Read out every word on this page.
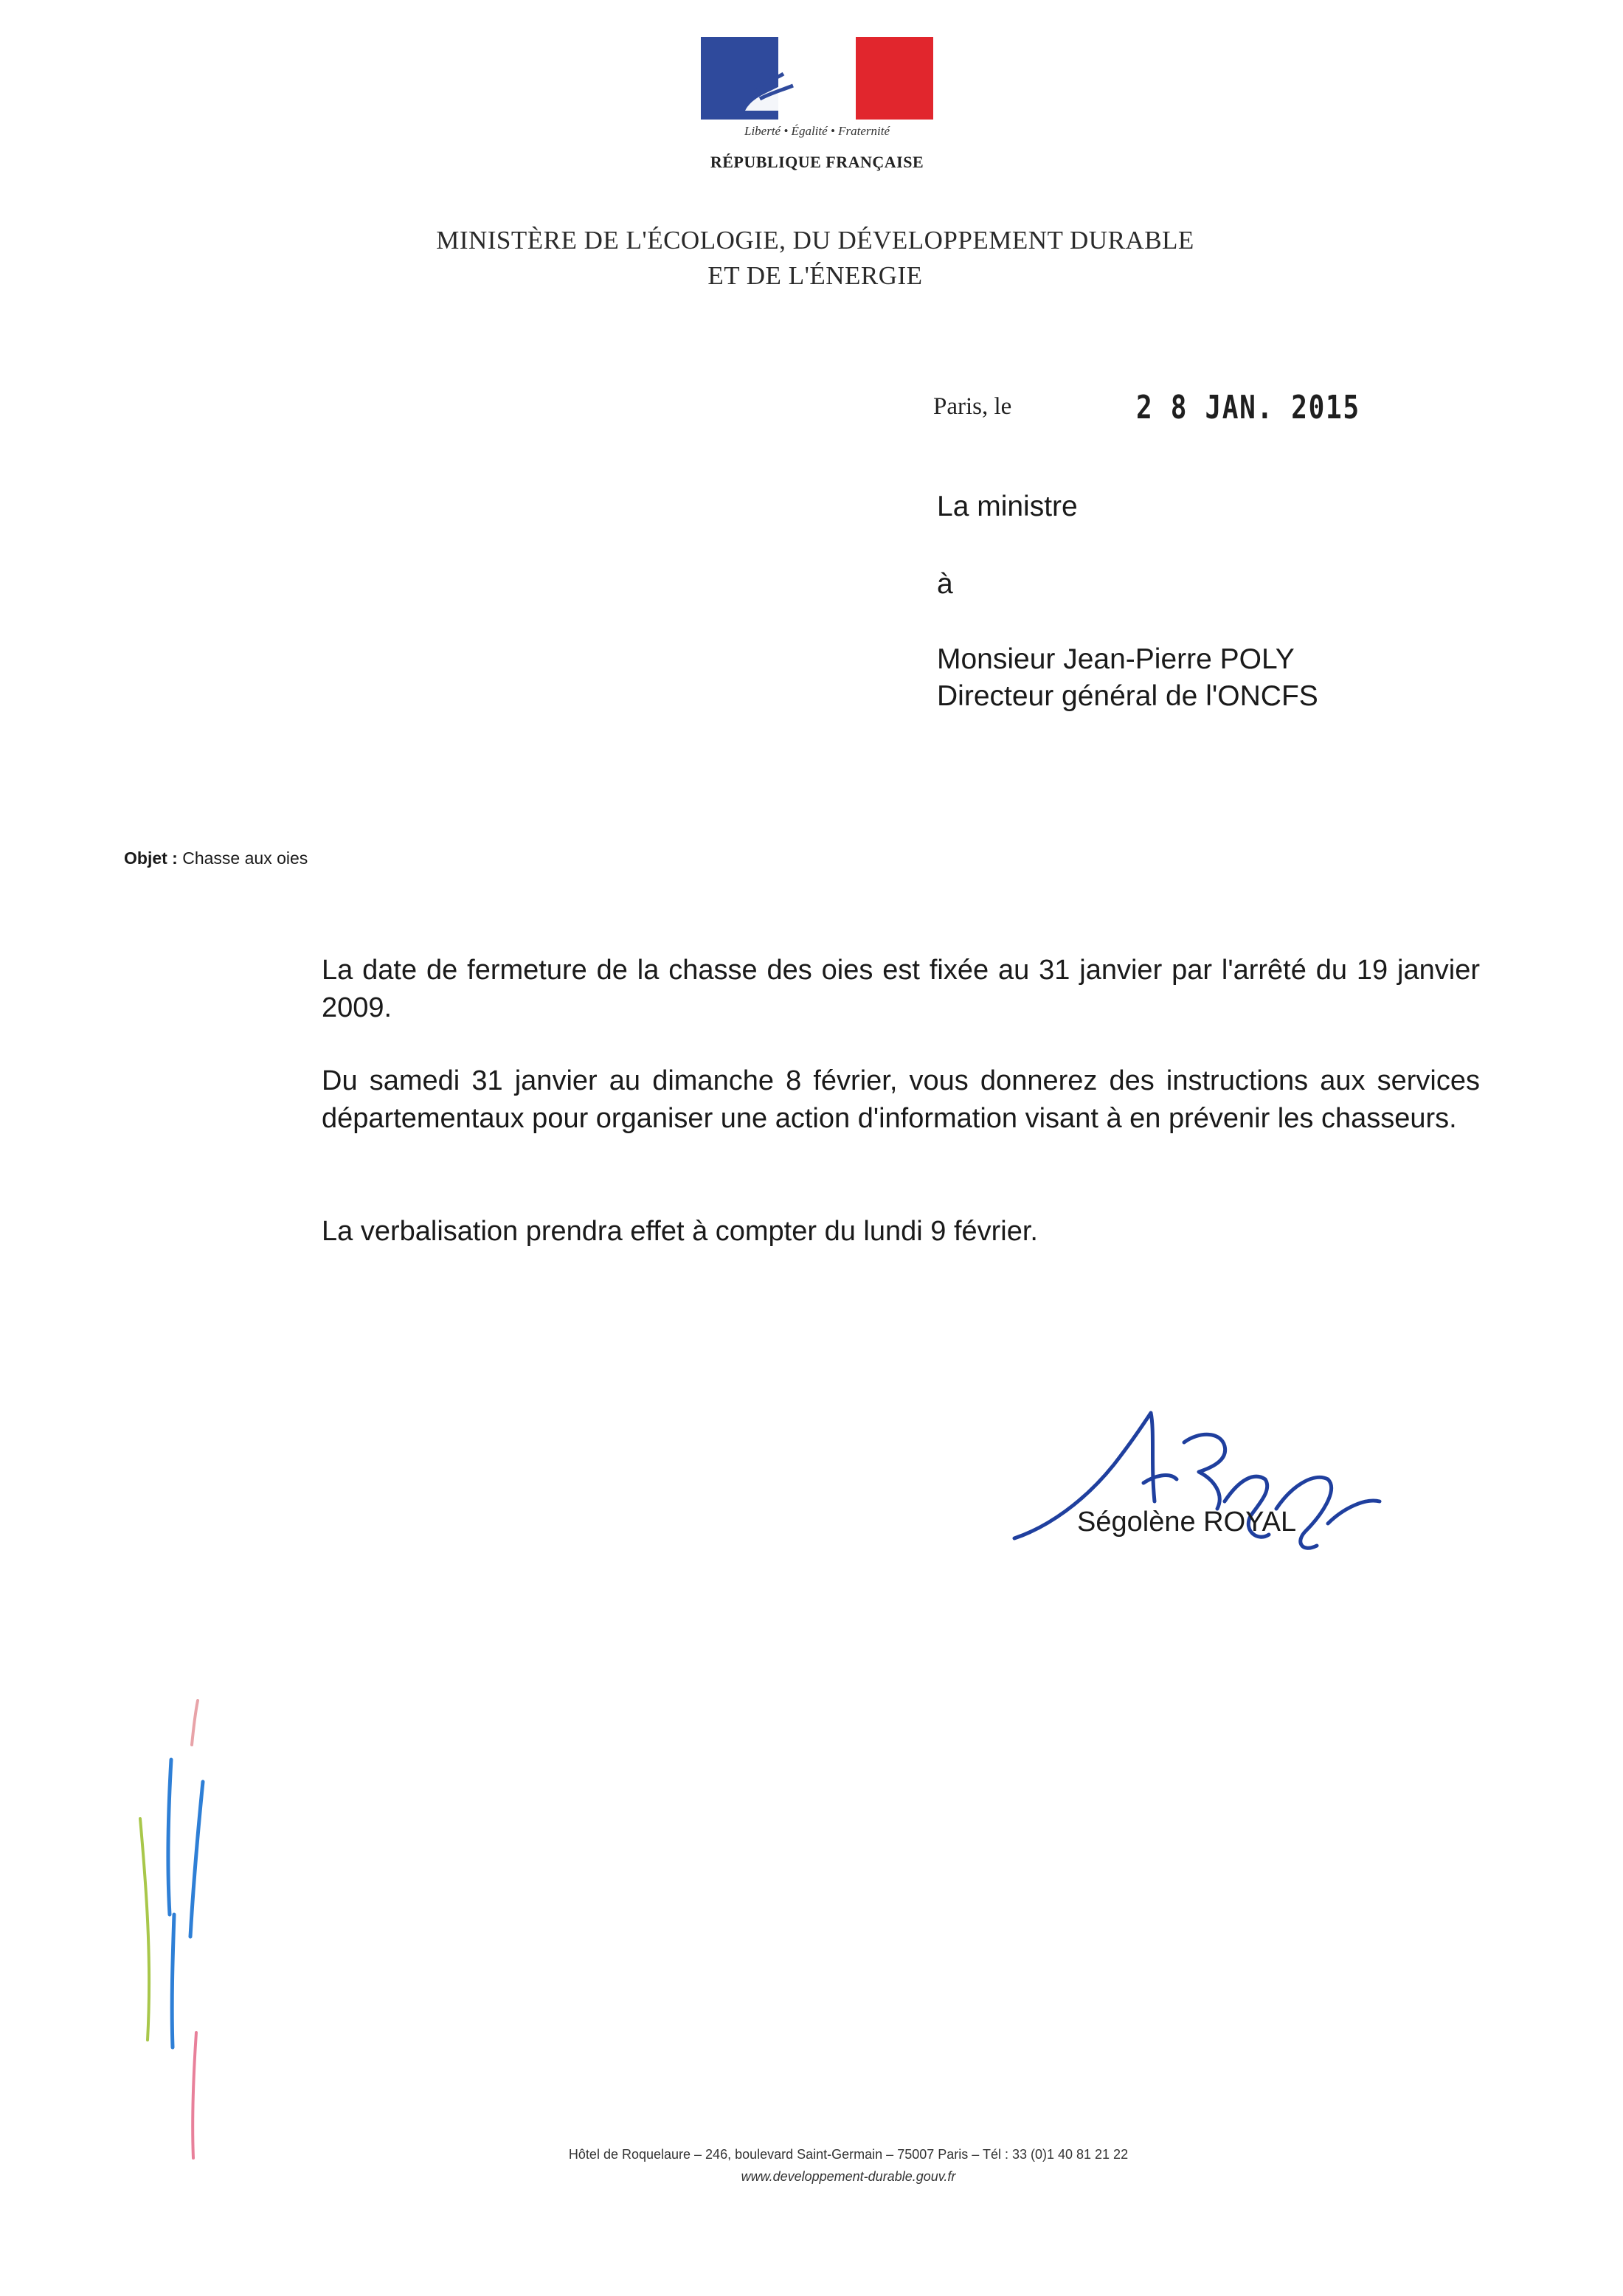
Liberté • Égalité • Fraternité
RÉPUBLIQUE FRANÇAISE
MINISTÈRE DE L'ÉCOLOGIE, DU DÉVELOPPEMENT DURABLE
ET DE L'ÉNERGIE
Paris, le	2 8 JAN. 2015
La ministre
à
Monsieur Jean-Pierre POLY
Directeur général de l'ONCFS
Objet : Chasse aux oies
La date de fermeture de la chasse des oies est fixée au 31 janvier par l'arrêté du 19 janvier 2009.
Du samedi 31 janvier au dimanche 8 février, vous donnerez des instructions aux services départementaux pour organiser une action d'information visant à en prévenir les chasseurs.
La verbalisation prendra effet à compter du lundi 9 février.
Ségolène ROYAL
Hôtel de Roquelaure – 246, boulevard Saint-Germain – 75007 Paris – Tél : 33 (0)1 40 81 21 22
www.developpement-durable.gouv.fr
